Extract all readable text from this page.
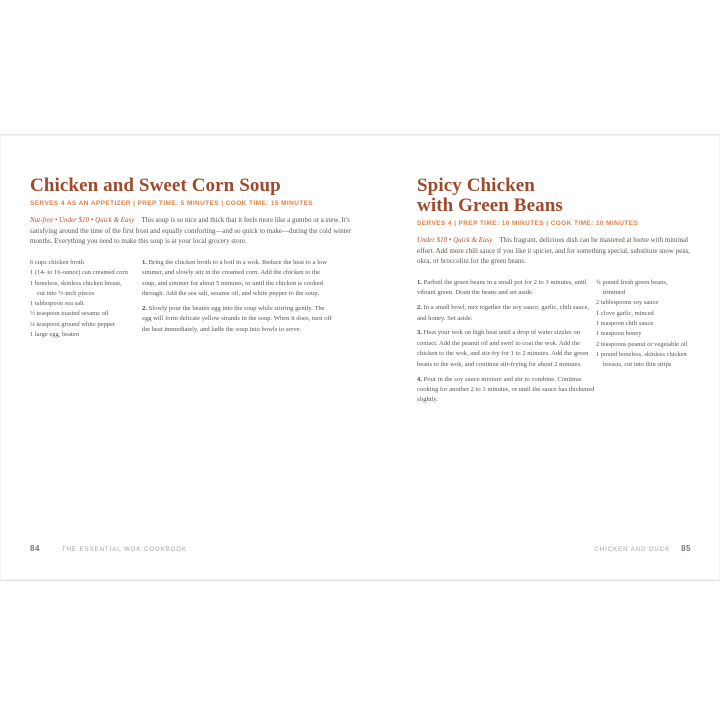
Chicken and Sweet Corn Soup
SERVES 4 AS AN APPETIZER | PREP TIME: 5 MINUTES | COOK TIME: 15 MINUTES

Nut-free • Under $10 • Quick & Easy This soup is so nice and thick that it feels more like a gumbo or a stew. It's satisfying around the time of the first frost and equally comforting—and so quick to make—during the cold winter months. Everything you need to make this soup is at your local grocery store.

6 cups chicken broth
1 (14- to 16-ounce) can creamed corn
1 boneless, skinless chicken breast, cut into ½-inch pieces
1 tablespoon sea salt
½ teaspoon toasted sesame oil
¼ teaspoon ground white pepper
1 large egg, beaten

1. Bring the chicken broth to a boil in a wok. Reduce the heat to a low simmer, and slowly stir in the creamed corn. Add the chicken to the soup, and simmer for about 5 minutes, or until the chicken is cooked through. Add the sea salt, sesame oil, and white pepper to the soup.

2. Slowly pour the beaten egg into the soup while stirring gently. The egg will form delicate yellow strands in the soup. When it does, turn off the heat immediately, and ladle the soup into bowls to serve.

Spicy Chicken
with Green Beans
SERVES 4 | PREP TIME: 10 MINUTES | COOK TIME: 10 MINUTES

Under $10 • Quick & Easy This fragrant, delicious dish can be mastered at home with minimal effort. Add more chili sauce if you like it spicier, and for something special, substitute snow peas, okra, or broccolini for the green beans.

1. Parboil the green beans in a small pot for 2 to 3 minutes, until vibrant green. Drain the beans and set aside.

2. In a small bowl, mix together the soy sauce, garlic, chili sauce, and honey. Set aside.

3. Heat your wok on high heat until a drop of water sizzles on contact. Add the peanut oil and swirl to coat the wok. Add the chicken to the wok, and stir-fry for 1 to 2 minutes. Add the green beans to the wok, and continue stir-frying for about 2 minutes.

4. Pour in the soy sauce mixture and stir to combine. Continue cooking for another 2 to 3 minutes, or until the sauce has thickened slightly.

¾ pound fresh green beans, trimmed
2 tablespoons soy sauce
1 clove garlic, minced
1 teaspoon chili sauce
1 teaspoon honey
2 teaspoons peanut or vegetable oil
1 pound boneless, skinless chicken breasts, cut into thin strips
84	THE ESSENTIAL WOK COOKBOOK	CHICKEN AND DUCK 85
